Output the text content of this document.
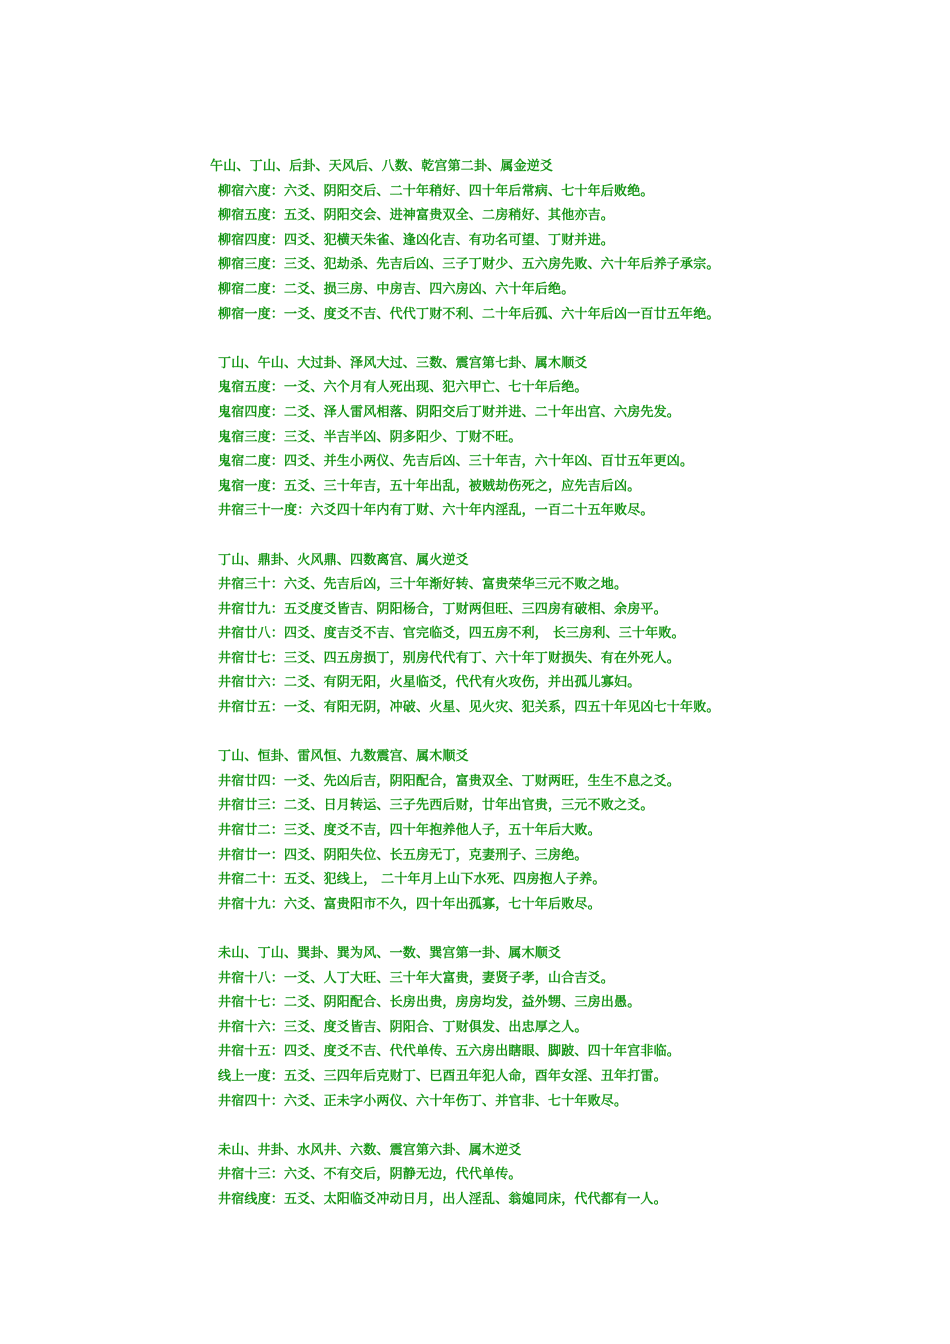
午山、丁山、后卦、天风后、八数、乾宫第二卦、属金逆爻
柳宿六度：六爻、阴阳交后、二十年稍好、四十年后常病、七十年后败绝。
柳宿五度：五爻、阴阳交会、进神富贵双全、二房稍好、其他亦吉。
柳宿四度：四爻、犯横天朱雀、逢凶化吉、有功名可望、丁财并进。
柳宿三度：三爻、犯劫杀、先吉后凶、三子丁财少、五六房先败、六十年后养子承宗。
柳宿二度：二爻、损三房、中房吉、四六房凶、六十年后绝。
柳宿一度：一爻、度爻不吉、代代丁财不利、二十年后孤、六十年后凶一百廿五年绝。
丁山、午山、大过卦、泽风大过、三数、震宫第七卦、属木顺爻
鬼宿五度：一爻、六个月有人死出现、犯六甲亡、七十年后绝。
鬼宿四度：二爻、泽人雷风相落、阴阳交后丁财并进、二十年出宫、六房先发。
鬼宿三度：三爻、半吉半凶、阴多阳少、丁财不旺。
鬼宿二度：四爻、并生小两仪、先吉后凶、三十年吉，六十年凶、百廿五年更凶。
鬼宿一度：五爻、三十年吉，五十年出乱，被贼劫伤死之，应先吉后凶。
井宿三十一度：六爻四十年内有丁财、六十年内淫乱，一百二十五年败尽。
丁山、鼎卦、火风鼎、四数离宫、属火逆爻
井宿三十：六爻、先吉后凶，三十年渐好转、富贵荣华三元不败之地。
井宿廿九：五爻度爻皆吉、阴阳杨合，丁财两但旺、三四房有破相、余房平。
井宿廿八：四爻、度吉爻不吉、官完临爻，四五房不利， 长三房利、三十年败。
井宿廿七：三爻、四五房损丁，别房代代有丁、六十年丁财损失、有在外死人。
井宿廿六：二爻、有阴无阳，火星临爻，代代有火攻伤，并出孤儿寡妇。
井宿廿五：一爻、有阳无阴，冲破、火星、见火灾、犯关系，四五十年见凶七十年败。
丁山、恒卦、雷风恒、九数震宫、属木顺爻
井宿廿四：一爻、先凶后吉，阴阳配合，富贵双全、丁财两旺，生生不息之爻。
井宿廿三：二爻、日月转运、三子先西后财，廿年出官贵，三元不败之爻。
井宿廿二：三爻、度爻不吉，四十年抱养他人子，五十年后大败。
井宿廿一：四爻、阴阳失位、长五房无丁，克妻刑子、三房绝。
井宿二十：五爻、犯线上， 二十年月上山下水死、四房抱人子养。
井宿十九：六爻、富贵阳市不久，四十年出孤寡，七十年后败尽。
未山、丁山、巽卦、巽为风、一数、巽宫第一卦、属木顺爻
井宿十八：一爻、人丁大旺、三十年大富贵，妻贤子孝，山合吉爻。
井宿十七：二爻、阴阳配合、长房出贵，房房均发，益外甥、三房出愚。
井宿十六：三爻、度爻皆吉、阴阳合、丁财俱发、出忠厚之人。
井宿十五：四爻、度爻不吉、代代单传、五六房出瞎眼、脚跛、四十年宫非临。
线上一度：五爻、三四年后克财丁、巳酉丑年犯人命，酉年女淫、丑年打雷。
井宿四十：六爻、正未字小两仪、六十年伤丁、并官非、七十年败尽。
未山、井卦、水风井、六数、震宫第六卦、属木逆爻
井宿十三：六爻、不有交后，阴静无边，代代单传。
井宿线度：五爻、太阳临爻冲动日月，出人淫乱、翁媳同床，代代都有一人。
